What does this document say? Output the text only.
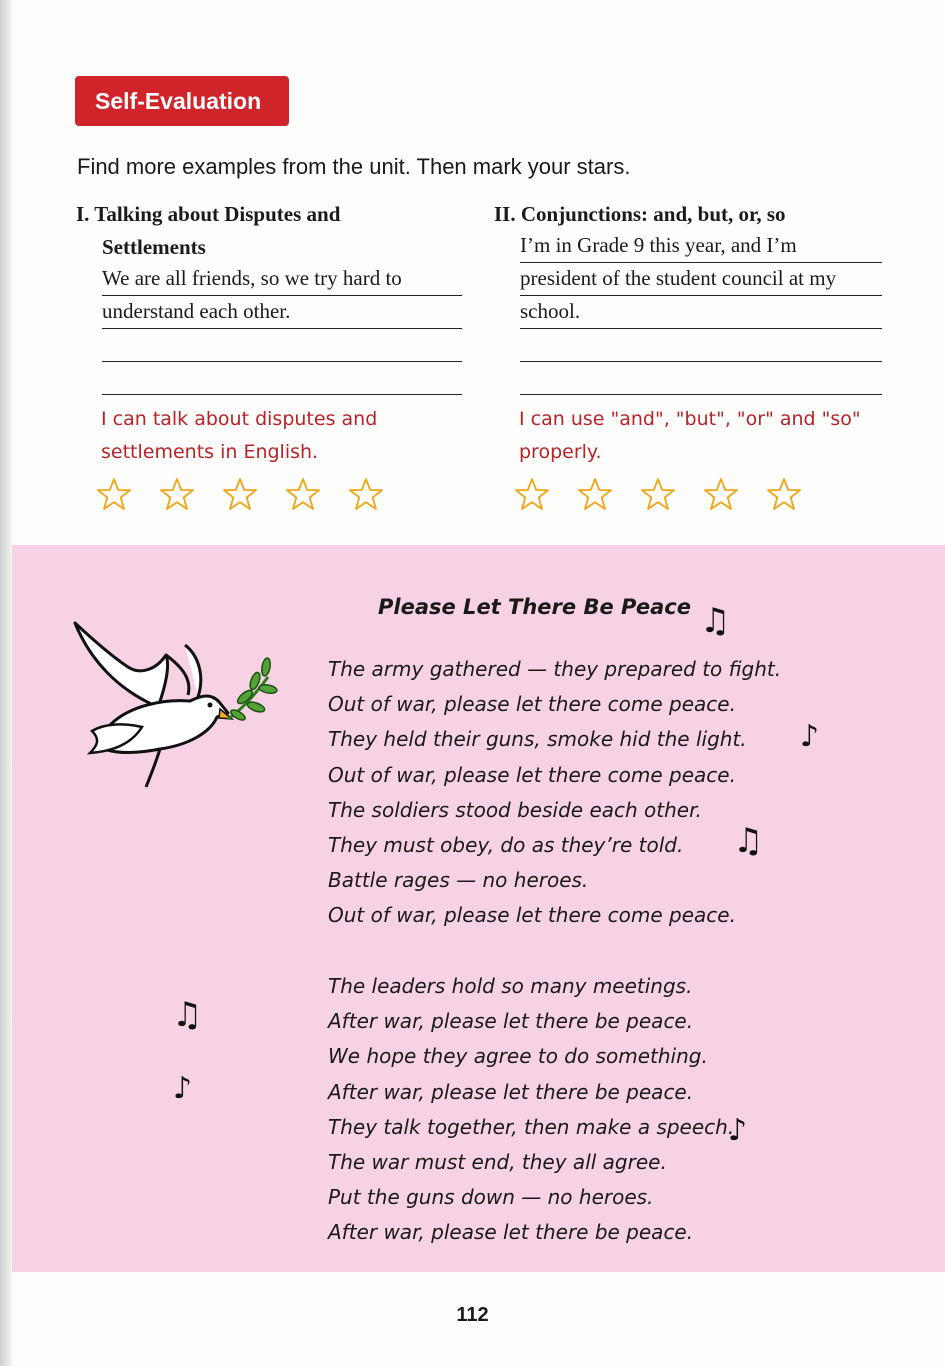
Self-Evaluation
Find more examples from the unit. Then mark your stars.
I. Talking about Disputes and
Settlements
We are all friends, so we try hard to
understand each other.
I can talk about disputes and
settlements in English.
II. Conjunctions: and, but, or, so
I’m in Grade 9 this year, and I’m
president of the student council at my
school.
I can use "and", "but", "or" and "so"
properly.
Please Let There Be Peace
The army gathered — they prepared to fight.
Out of war, please let there come peace.
They held their guns, smoke hid the light.
Out of war, please let there come peace.
The soldiers stood beside each other.
They must obey, do as they’re told.
Battle rages — no heroes.
Out of war, please let there come peace.
The leaders hold so many meetings.
After war, please let there be peace.
We hope they agree to do something.
After war, please let there be peace.
They talk together, then make a speech.
The war must end, they all agree.
Put the guns down — no heroes.
After war, please let there be peace.
♫
♪
♫
♫
♪
♪
112
